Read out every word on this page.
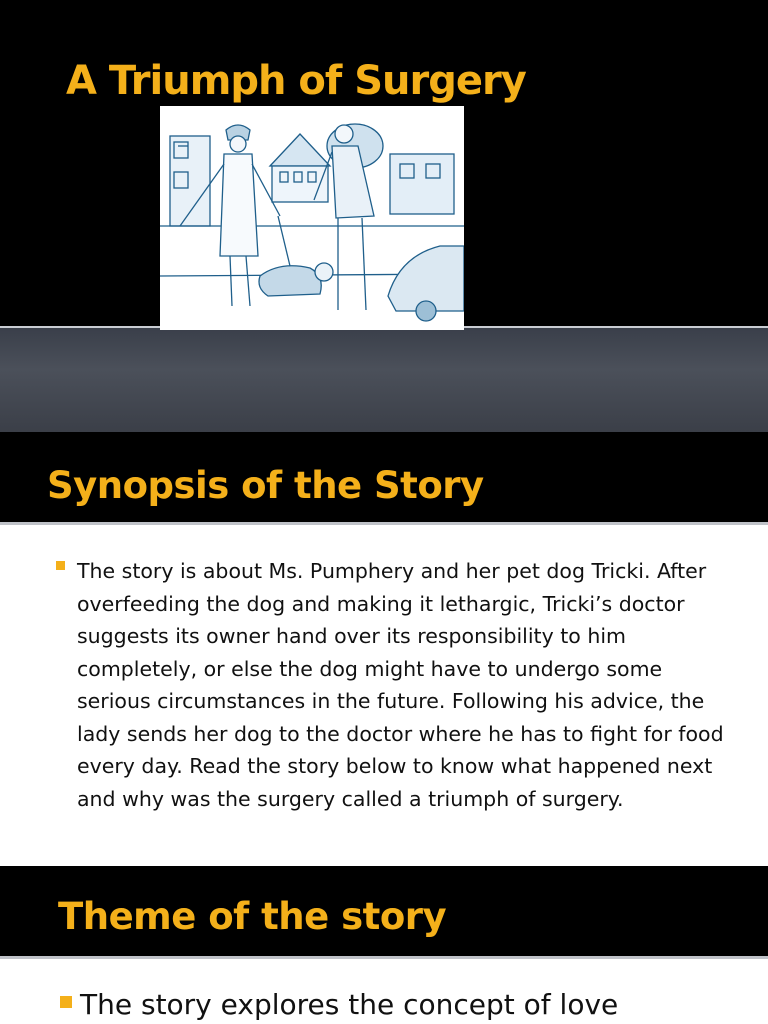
A Triumph of Surgery
Synopsis of the Story
The story is about Ms. Pumphery and her pet dog Tricki. After overfeeding the dog and making it lethargic, Tricki’s doctor suggests its owner hand over its responsibility to him completely, or else the dog might have to undergo some serious circumstances in the future. Following his advice, the lady sends her dog to the doctor where he has to fight for food every day. Read the story below to know what happened next and why was the surgery called a triumph of surgery.
Theme of the story
The story explores the concept of love
